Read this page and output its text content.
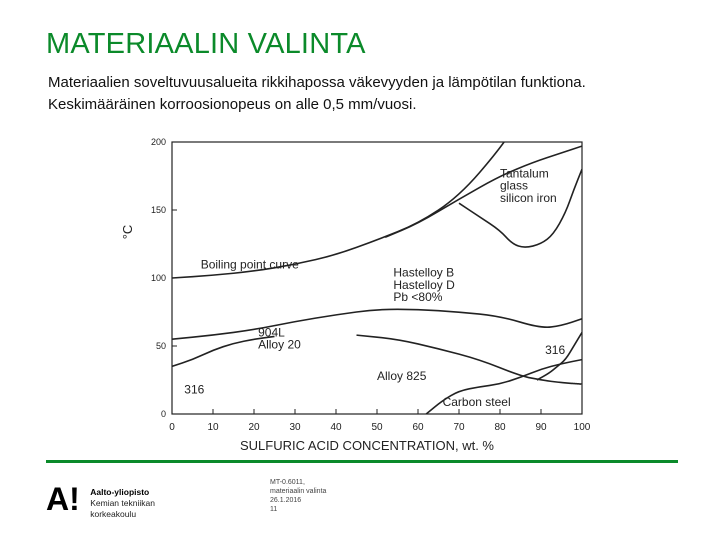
MATERIAALIN VALINTA
Materiaalien soveltuvuusalueita rikkihapossa väkevyyden ja lämpötilan funktiona. Keskimääräinen korroosionopeus on alle 0,5 mm/vuosi.
0	10	20	30	40	50	60	70	80	90	100
0
50
100
150
200
SULFURIC ACID CONCENTRATION, wt. %
°C
Tantalum
glass
silicon iron
Boiling point curve
Hastelloy B
Hastelloy D
Pb <80%
904L
Alloy 20	316
316
Alloy 825
Carbon steel
A! Aalto-yliopisto
Kemian tekniikan
korkeakoulu
MT-0.6011,
materiaalin valinta
26.1.2016
11
